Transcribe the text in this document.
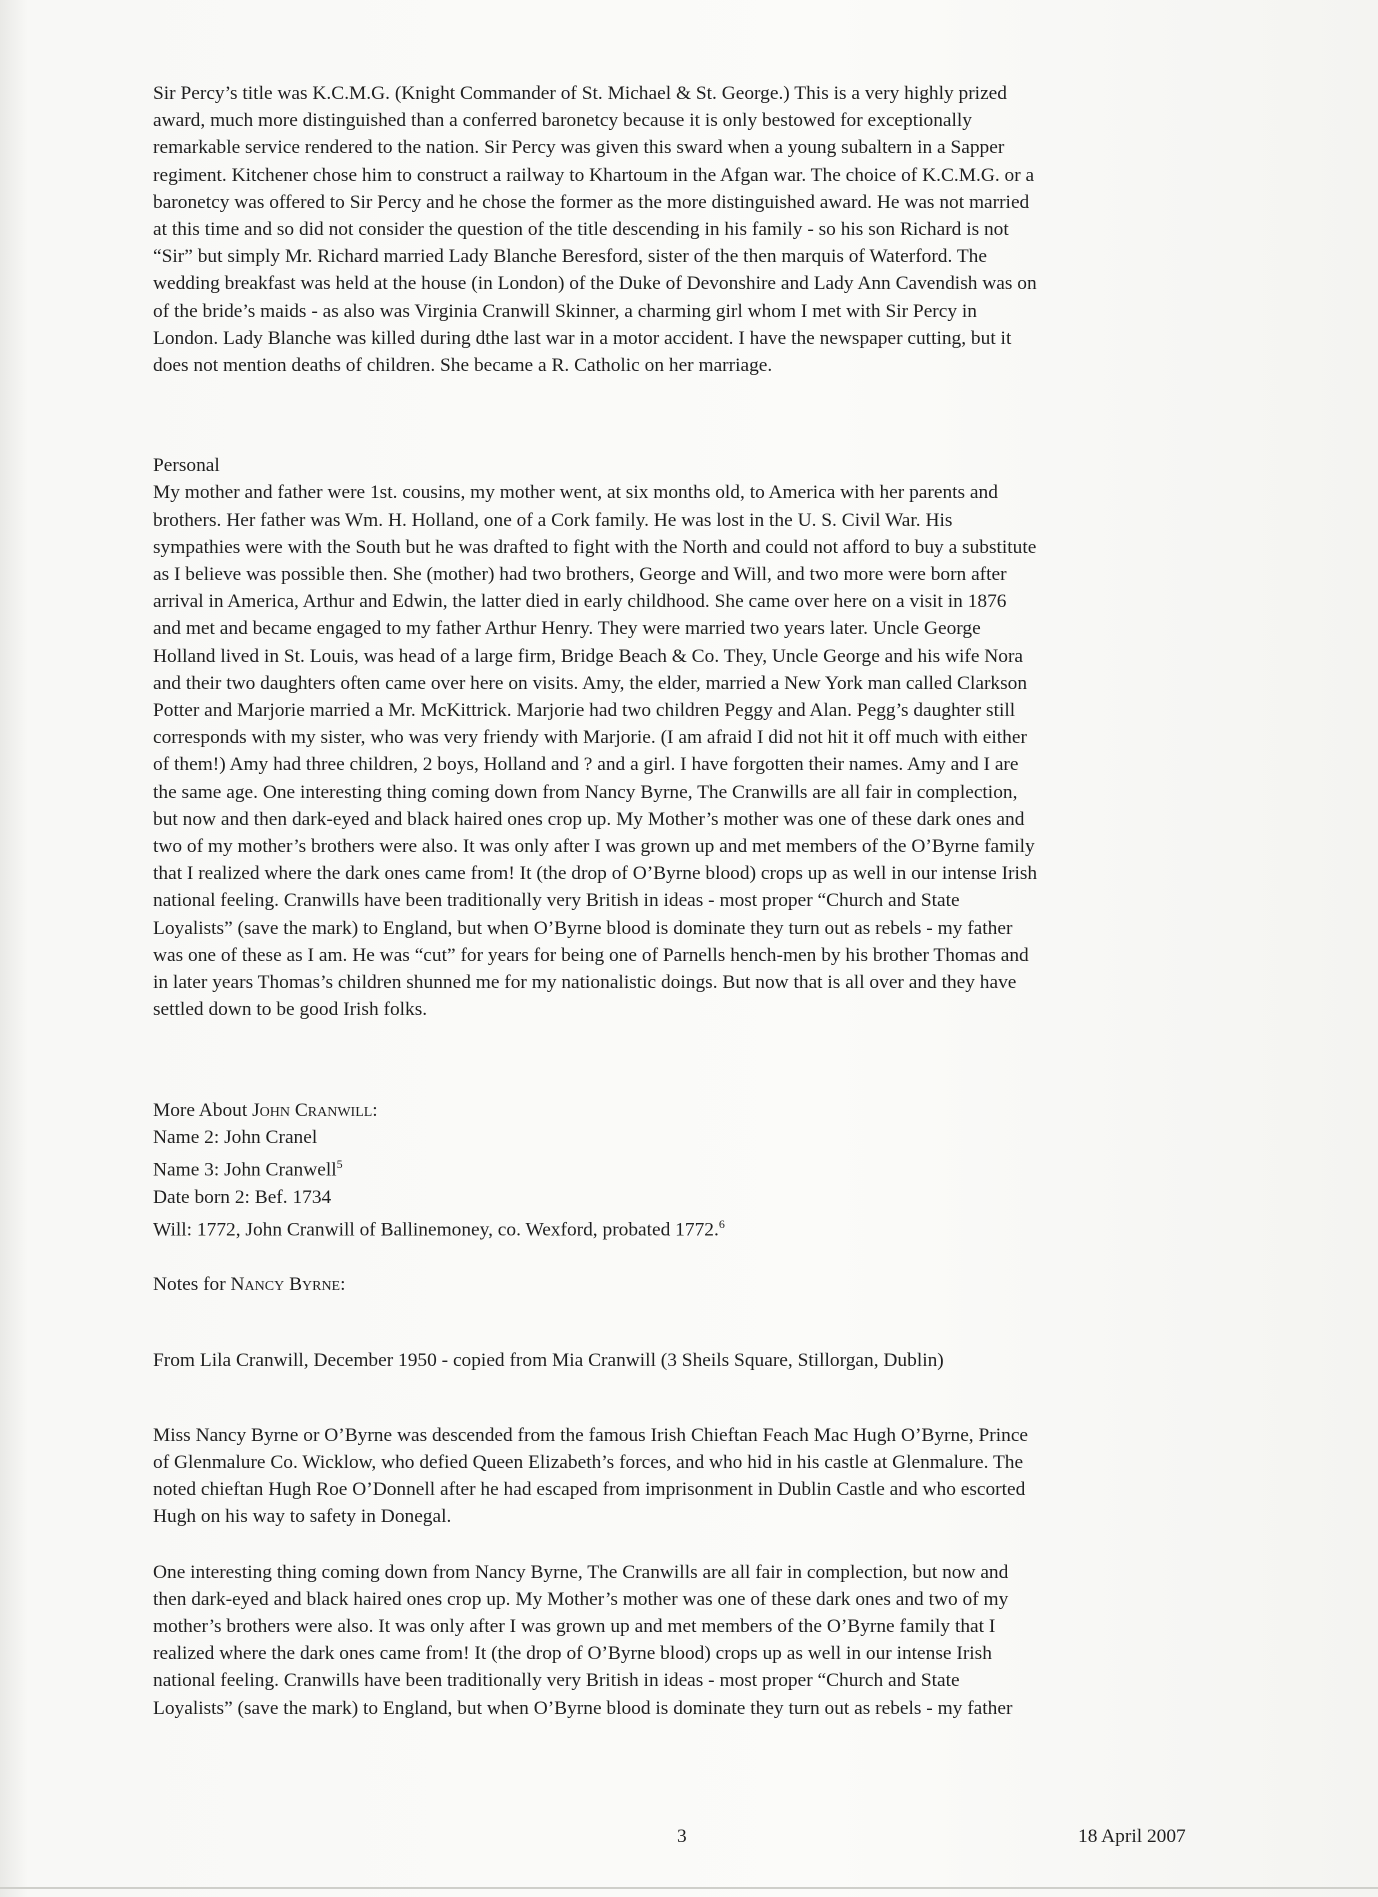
Sir Percy’s title was K.C.M.G. (Knight Commander of St. Michael & St. George.) This is a very highly prized
award, much more distinguished than a conferred baronetcy because it is only bestowed for exceptionally
remarkable service rendered to the nation. Sir Percy was given this sward when a young subaltern in a Sapper
regiment. Kitchener chose him to construct a railway to Khartoum in the Afgan war. The choice of K.C.M.G. or a
baronetcy was offered to Sir Percy and he chose the former as the more distinguished award. He was not married
at this time and so did not consider the question of the title descending in his family - so his son Richard is not
“Sir” but simply Mr. Richard married Lady Blanche Beresford, sister of the then marquis of Waterford. The
wedding breakfast was held at the house (in London) of the Duke of Devonshire and Lady Ann Cavendish was on
of the bride’s maids - as also was Virginia Cranwill Skinner, a charming girl whom I met with Sir Percy in
London. Lady Blanche was killed during dthe last war in a motor accident. I have the newspaper cutting, but it
does not mention deaths of children. She became a R. Catholic on her marriage.

Personal

My mother and father were 1st. cousins, my mother went, at six months old, to America with her parents and
brothers. Her father was Wm. H. Holland, one of a Cork family. He was lost in the U. S. Civil War. His
sympathies were with the South but he was drafted to fight with the North and could not afford to buy a substitute
as I believe was possible then. She (mother) had two brothers, George and Will, and two more were born after
arrival in America, Arthur and Edwin, the latter died in early childhood. She came over here on a visit in 1876
and met and became engaged to my father Arthur Henry. They were married two years later. Uncle George
Holland lived in St. Louis, was head of a large firm, Bridge Beach & Co. They, Uncle George and his wife Nora
and their two daughters often came over here on visits. Amy, the elder, married a New York man called Clarkson
Potter and Marjorie married a Mr. McKittrick. Marjorie had two children Peggy and Alan. Pegg’s daughter still
corresponds with my sister, who was very friendy with Marjorie. (I am afraid I did not hit it off much with either
of them!) Amy had three children, 2 boys, Holland and ? and a girl. I have forgotten their names. Amy and I are
the same age. One interesting thing coming down from Nancy Byrne, The Cranwills are all fair in complection,
but now and then dark-eyed and black haired ones crop up. My Mother’s mother was one of these dark ones and
two of my mother’s brothers were also. It was only after I was grown up and met members of the O’Byrne family
that I realized where the dark ones came from! It (the drop of O’Byrne blood) crops up as well in our intense Irish
national feeling. Cranwills have been traditionally very British in ideas - most proper “Church and State
Loyalists” (save the mark) to England, but when O’Byrne blood is dominate they turn out as rebels - my father
was one of these as I am. He was “cut” for years for being one of Parnells hench-men by his brother Thomas and
in later years Thomas’s children shunned me for my nationalistic doings. But now that is all over and they have
settled down to be good Irish folks.

More About John Cranwill:
Name 2: John Cranel
Name 3: John Cranwell$^5$
Date born 2: Bef. 1734
Will: 1772, John Cranwill of Ballinemoney, co. Wexford, probated 1772.$^6$

Notes for Nancy Byrne:

From Lila Cranwill, December 1950 - copied from Mia Cranwill (3 Sheils Square, Stillorgan, Dublin)

Miss Nancy Byrne or O’Byrne was descended from the famous Irish Chieftan Feach Mac Hugh O’Byrne, Prince
of Glenmalure Co. Wicklow, who defied Queen Elizabeth’s forces, and who hid in his castle at Glenmalure. The
noted chieftan Hugh Roe O’Donnell after he had escaped from imprisonment in Dublin Castle and who escorted
Hugh on his way to safety in Donegal.

One interesting thing coming down from Nancy Byrne, The Cranwills are all fair in complection, but now and
then dark-eyed and black haired ones crop up. My Mother’s mother was one of these dark ones and two of my
mother’s brothers were also. It was only after I was grown up and met members of the O’Byrne family that I
realized where the dark ones came from! It (the drop of O’Byrne blood) crops up as well in our intense Irish
national feeling. Cranwills have been traditionally very British in ideas - most proper “Church and State
Loyalists” (save the mark) to England, but when O’Byrne blood is dominate they turn out as rebels - my father

3	18 April 2007
